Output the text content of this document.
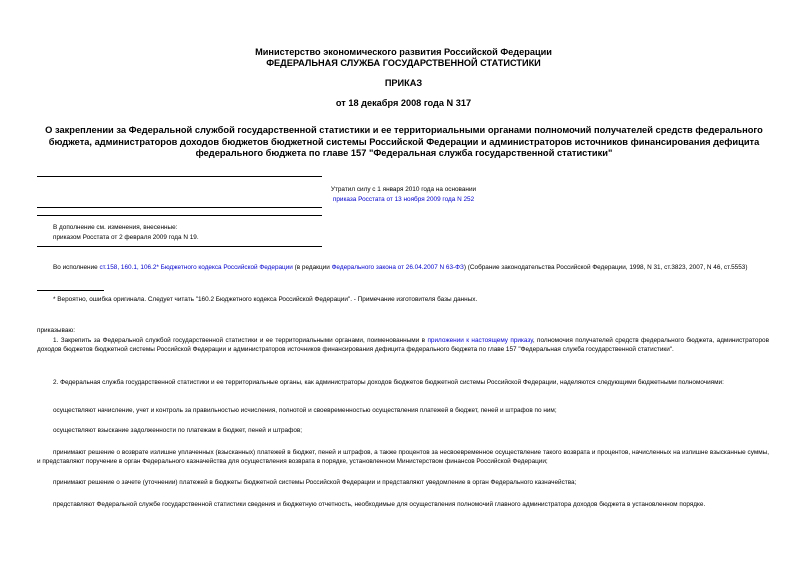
Министерство экономического развития Российской Федерации
ФЕДЕРАЛЬНАЯ СЛУЖБА ГОСУДАРСТВЕННОЙ СТАТИСТИКИ
ПРИКАЗ
от 18 декабря 2008 года N 317
О закреплении за Федеральной службой государственной статистики и ее территориальными органами полномочий получателей средств федерального бюджета, администраторов доходов бюджетов бюджетной системы Российской Федерации и администраторов источников финансирования дефицита федерального бюджета по главе 157 "Федеральная служба государственной статистики"
Утратил силу с 1 января 2010 года на основании
приказа Росстата от 13 ноября 2009 года N 252
В дополнение см. изменения, внесенные:
приказом Росстата от 2 февраля 2009 года N 19.
Во исполнение ст.158, 160.1, 106.2* Бюджетного кодекса Российской Федерации (в редакции Федерального закона от 26.04.2007 N 63-ФЗ) (Собрание законодательства Российской Федерации, 1998, N 31, ст.3823, 2007, N 46, ст.5553)
* Вероятно, ошибка оригинала. Следует читать "160.2 Бюджетного кодекса Российской Федерации". - Примечание изготовителя базы данных.
приказываю:
1. Закрепить за Федеральной службой государственной статистики и ее территориальными органами, поименованными в приложении к настоящему приказу, полномочия получателей средств федерального бюджета, администраторов доходов бюджетов бюджетной системы Российской Федерации и администраторов источников финансирования дефицита федерального бюджета по главе 157 "Федеральная служба государственной статистики".
2. Федеральная служба государственной статистики и ее территориальные органы, как администраторы доходов бюджетов бюджетной системы Российской Федерации, наделяются следующими бюджетными полномочиями:
осуществляют начисление, учет и контроль за правильностью исчисления, полнотой и своевременностью осуществления платежей в бюджет, пеней и штрафов по ним;
осуществляют взыскание задолженности по платежам в бюджет, пеней и штрафов;
принимают решение о возврате излишне уплаченных (взысканных) платежей в бюджет, пеней и штрафов, а также процентов за несвоевременное осуществление такого возврата и процентов, начисленных на излишне взысканные суммы, и представляют поручение в орган Федерального казначейства для осуществления возврата в порядке, установленном Министерством финансов Российской Федерации;
принимают решение о зачете (уточнении) платежей в бюджеты бюджетной системы Российской Федерации и представляют уведомление в орган Федерального казначейства;
представляют Федеральной службе государственной статистики сведения и бюджетную отчетность, необходимые для осуществления полномочий главного администратора доходов бюджета в установленном порядке.
